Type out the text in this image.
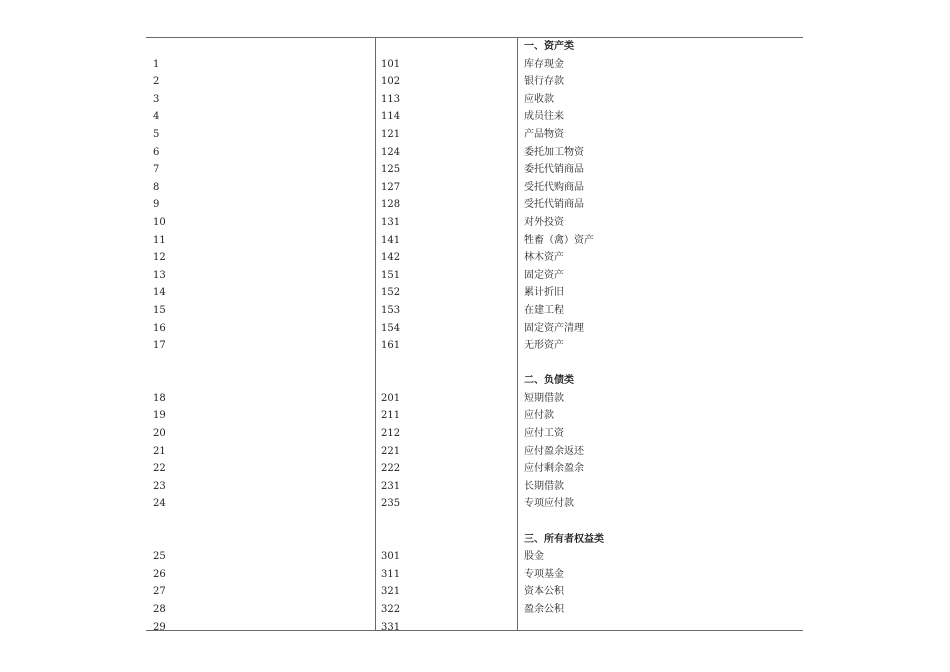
1
2
3
4
5
6
7
8
9
10
11
12
13
14
15
16
17
18
19
20
21
22
23
24
25
26
27
28
29
101
102
113
114
121
124
125
127
128
131
141
142
151
152
153
154
161
201
211
212
221
222
231
235
301
311
321
322
331
一、资产类
库存现金
银行存款
应收款
成员往来
产品物资
委托加工物资
委托代销商品
受托代购商品
受托代销商品
对外投资
牲畜（禽）资产
林木资产
固定资产
累计折旧
在建工程
固定资产清理
无形资产
二、负债类
短期借款
应付款
应付工资
应付盈余返还
应付剩余盈余
长期借款
专项应付款
三、所有者权益类
股金
专项基金
资本公积
盈余公积
